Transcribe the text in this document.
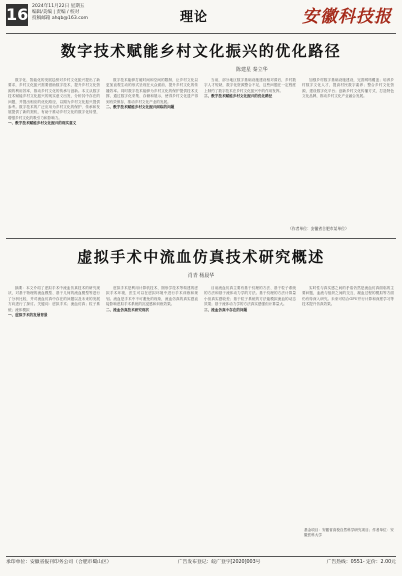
16 2024年11月22日 星期五
编辑/美编 | 责编 / 校对
投稿邮箱 ahqb@163.com	理论	安徽科技报
数字技术赋能乡村文化振兴的优化路径
陈建星 秦立华

数字化、智能化的发展趋势对乡村文化振兴提出了新要求，乡村文化振兴需要借助数字技术，提升乡村文化资源的利用效率，推动乡村文化的传承与创新。本文从数字技术赋能乡村文化振兴的现实意义出发，分析其中存在的问题，并提出相应的优化路径，以期为乡村文化振兴提供参考。数字技术的广泛应用为乡村文化的保护、传承和发展提供了新的契机，有助于推动乡村文化的数字化转型，增强乡村文化的吸引力和影响力。

一、数字技术赋能乡村文化振兴的现实意义

数字技术能够打破时间和空间的限制，让乡村文化以更加直观生动的形式呈现在大众面前，提升乡村文化的传播效率。同时数字技术能够为乡村文化的保护提供技术支撑，通过数字化采集、存储和展示，使得乡村文化遗产得到有效保存，推动乡村文化产业的发展。

二、数字技术赋能乡村文化振兴面临的问题

当前，部分地区数字基础设施建设相对滞后，乡村数字人才短缺，数字化资源整合不足，这些问题在一定程度上制约了数字技术在乡村文化振兴中的作用发挥。

三、数字技术赋能乡村文化振兴的优化路径

加强乡村数字基础设施建设，完善网络覆盖；培养乡村数字文化人才，提高村民数字素养；整合乡村文化资源，建设数字化平台；创新乡村文化传播方式，打造特色文化品牌，推动乡村文化产业融合发展。

（作者单位：安徽省合肥市某单位）
虚拟手术中流血仿真技术研究概述
肖青 杨晨华

摘要：本文介绍了虚拟手术中流血仿真技术的研究现状，对基于物理的流血模型、基于几何的流血模型等进行了分析比较，并对流血仿真中存在的问题以及未来的发展方向进行了探讨。关键词：虚拟手术；流血仿真；粒子系统；流体模拟

一、虚拟手术的发展背景

虚拟手术是利用计算机技术、图形学技术等构建的虚拟手术环境，医生可以在虚拟环境中进行手术训练和规划。流血是手术中不可避免的现象，流血仿真的真实感直接影响虚拟手术系统的沉浸感和训练效果。

二、流血仿真技术研究现状

目前流血仿真主要有基于纹理的方法、基于粒子系统的方法和基于流体动力学的方法。基于纹理的方法计算量小但真实感较差；基于粒子系统的方法能模拟流血的动态效果；基于流体动力学的方法真实感强但计算量大。

三、流血仿真中存在的问题

实时性与真实感之间的矛盾仍然是流血仿真面临的主要问题，血液与组织之间的交互、凝血过程的模拟等方面仍有待深入研究。未来可结合GPU并行计算和深度学习等技术提升仿真效果。

基金项目：安徽省高校自然科学研究项目；作者单位：安徽医科大学
承印单位：安徽省报刊印务公司（合肥市蜀山区）	广告发布登记：皖广登字[2020]003号	广告热线：0551- 定价：2.00元
